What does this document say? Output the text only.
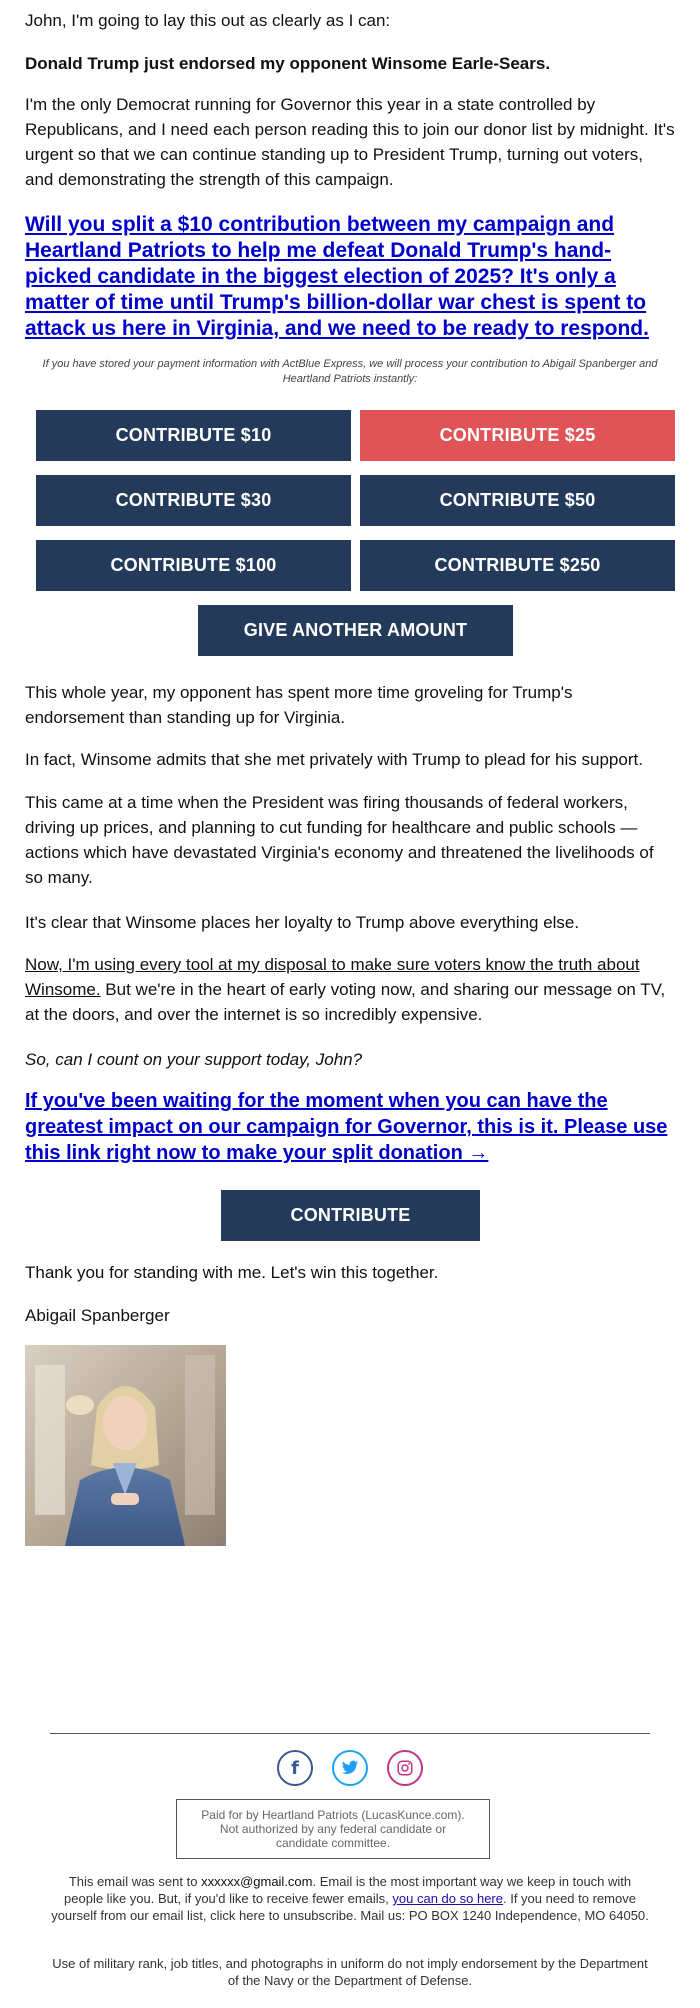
John, I'm going to lay this out as clearly as I can:

Donald Trump just endorsed my opponent Winsome Earle-Sears.

I'm the only Democrat running for Governor this year in a state controlled by Republicans, and I need each person reading this to join our donor list by midnight. It's urgent so that we can continue standing up to President Trump, turning out voters, and demonstrating the strength of this campaign.

Will you split a $10 contribution between my campaign and Heartland Patriots to help me defeat Donald Trump's hand-picked candidate in the biggest election of 2025? It's only a matter of time until Trump's billion-dollar war chest is spent to attack us here in Virginia, and we need to be ready to respond.
If you have stored your payment information with ActBlue Express, we will process your contribution to Abigail Spanberger and Heartland Patriots instantly:
CONTRIBUTE $10	CONTRIBUTE $25
CONTRIBUTE $30	CONTRIBUTE $50
CONTRIBUTE $100	CONTRIBUTE $250
GIVE ANOTHER AMOUNT

This whole year, my opponent has spent more time groveling for Trump's endorsement than standing up for Virginia.

In fact, Winsome admits that she met privately with Trump to plead for his support.

This came at a time when the President was firing thousands of federal workers, driving up prices, and planning to cut funding for healthcare and public schools — actions which have devastated Virginia's economy and threatened the livelihoods of so many.

It's clear that Winsome places her loyalty to Trump above everything else.

Now, I'm using every tool at my disposal to make sure voters know the truth about Winsome. But we're in the heart of early voting now, and sharing our message on TV, at the doors, and over the internet is so incredibly expensive.

So, can I count on your support today, John?

If you've been waiting for the moment when you can have the greatest impact on our campaign for Governor, this is it. Please use this link right now to make your split donation →
CONTRIBUTE

Thank you for standing with me. Let's win this together.

Abigail Spanberger

f
Paid for by Heartland Patriots (LucasKunce.com). Not authorized by any federal candidate or candidate committee.
This email was sent to xxxxxx@gmail.com. Email is the most important way we keep in touch with people like you. But, if you'd like to receive fewer emails, you can do so here. If you need to remove yourself from our email list, click here to unsubscribe. Mail us: PO BOX 1240 Independence, MO 64050.
Use of military rank, job titles, and photographs in uniform do not imply endorsement by the Department of the Navy or the Department of Defense.
